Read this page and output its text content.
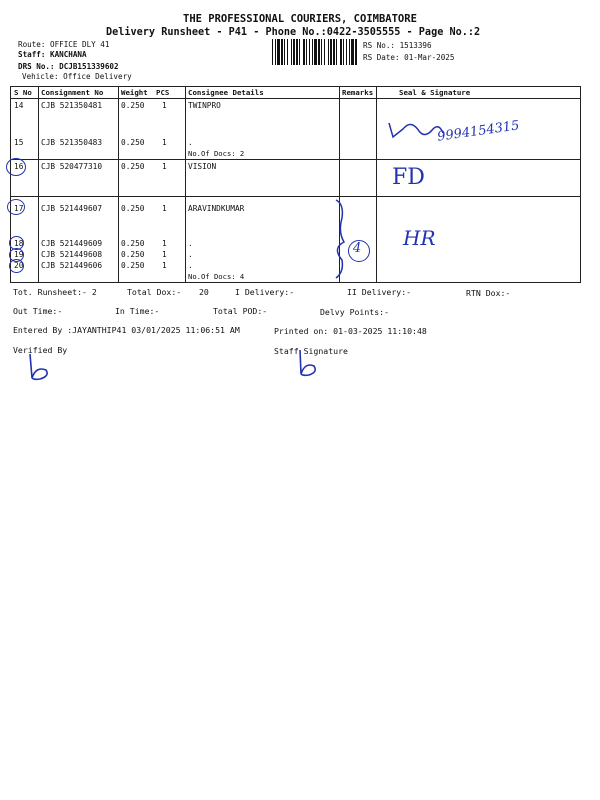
THE PROFESSIONAL COURIERS, COIMBATORE
Delivery Runsheet - P41 - Phone No.:0422-3505555 - Page No.:2
Route: OFFICE DLY 41
Staff: KANCHANA
DRS No.: DCJB151339602
Vehicle: Office Delivery
RS No.: 1513396
RS Date: 01-Mar-2025
S No Consignment No Weight PCS	Consignee Details	Remarks	Seal & Signature
14 CJB 521350481 0.250 1	TWINPRO
15 CJB 521350483 0.250 1	.
No.Of Docs: 2
16 CJB 520477310 0.250 1	VISION
17 CJB 521449607 0.250 1	ARAVINDKUMAR
18 CJB 521449609 0.250 1	.
19 CJB 521449608 0.250 1	.
20 CJB 521449606 0.250 1	.
No.Of Docs: 4
Tot. Runsheet:- 2	Total Dox:- 20	I Delivery:-	II Delivery:-	RTN Dox:-
Out Time:-	In Time:-	Total POD:-	Delvy Points:-
Entered By :JAYANTHIP41 03/01/2025 11:06:51 AM	Printed on: 01-03-2025 11:10:48
Verified By	Staff Signature
9994154315
FD
HR
4
